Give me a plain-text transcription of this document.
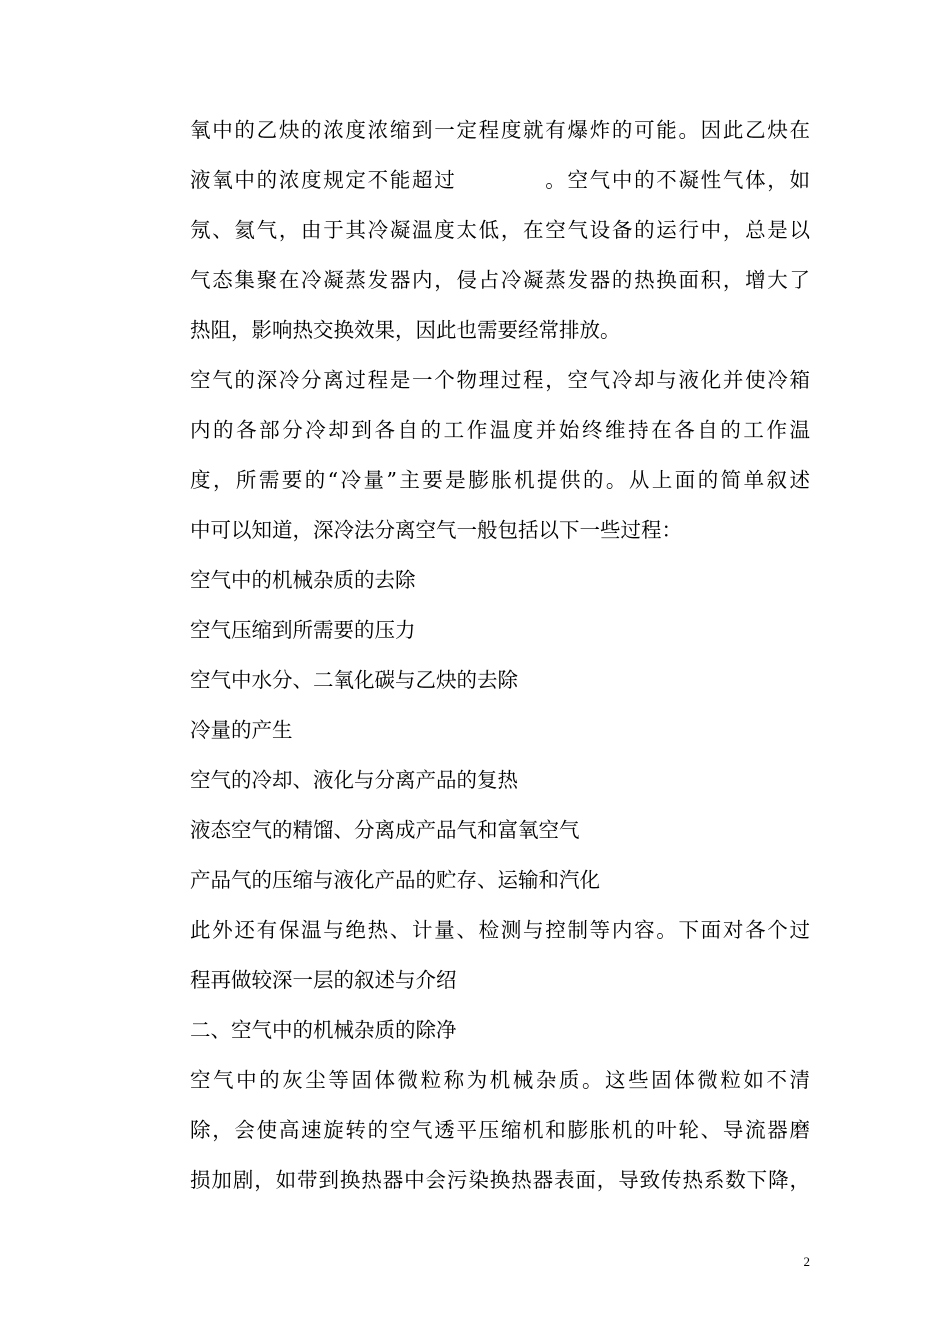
氧中的乙炔的浓度浓缩到一定程度就有爆炸的可能。因此乙炔在
液氧中的浓度规定不能超过　　　　。空气中的不凝性气体，如
氖、氦气，由于其冷凝温度太低，在空气设备的运行中，总是以
气态集聚在冷凝蒸发器内，侵占冷凝蒸发器的热换面积，增大了
热阻，影响热交换效果，因此也需要经常排放。
空气的深冷分离过程是一个物理过程，空气冷却与液化并使冷箱
内的各部分冷却到各自的工作温度并始终维持在各自的工作温
度，所需要的“冷量”主要是膨胀机提供的。从上面的简单叙述
中可以知道，深冷法分离空气一般包括以下一些过程：
空气中的机械杂质的去除
空气压缩到所需要的压力
空气中水分、二氧化碳与乙炔的去除
冷量的产生
空气的冷却、液化与分离产品的复热
液态空气的精馏、分离成产品气和富氧空气
产品气的压缩与液化产品的贮存、运输和汽化
此外还有保温与绝热、计量、检测与控制等内容。下面对各个过
程再做较深一层的叙述与介绍
二、空气中的机械杂质的除净
空气中的灰尘等固体微粒称为机械杂质。这些固体微粒如不清
除，会使高速旋转的空气透平压缩机和膨胀机的叶轮、导流器磨
损加剧，如带到换热器中会污染换热器表面，导致传热系数下降，
2
